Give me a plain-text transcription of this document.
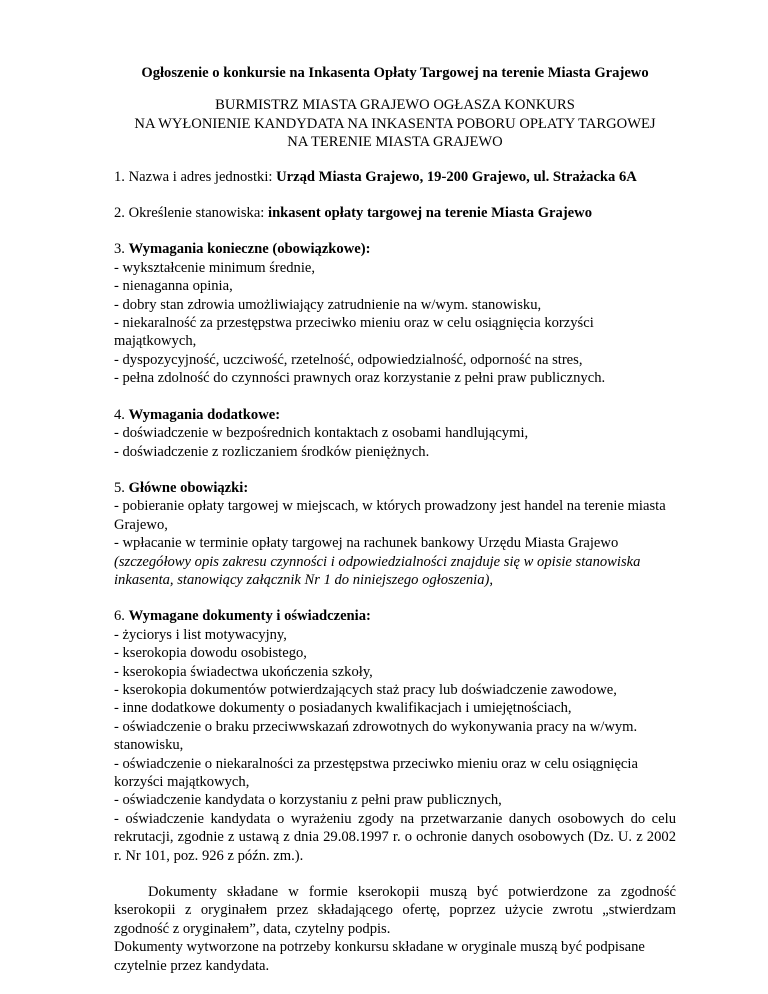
Ogłoszenie o konkursie na Inkasenta Opłaty Targowej na terenie Miasta Grajewo
BURMISTRZ MIASTA GRAJEWO OGŁASZA KONKURS
NA WYŁONIENIE KANDYDATA NA INKASENTA POBORU OPŁATY TARGOWEJ
NA TERENIE MIASTA GRAJEWO
1. Nazwa i adres jednostki: Urząd Miasta Grajewo, 19-200 Grajewo, ul. Strażacka 6A
2. Określenie stanowiska: inkasent opłaty targowej na terenie Miasta Grajewo
3. Wymagania konieczne (obowiązkowe):
- wykształcenie minimum średnie,
- nienaganna opinia,
- dobry stan zdrowia umożliwiający zatrudnienie na w/wym. stanowisku,
- niekaralność za przestępstwa przeciwko mieniu oraz w celu osiągnięcia korzyści majątkowych,
- dyspozycyjność, uczciwość, rzetelność, odpowiedzialność, odporność na stres,
- pełna zdolność do czynności prawnych oraz korzystanie z pełni praw publicznych.
4. Wymagania dodatkowe:
- doświadczenie w bezpośrednich kontaktach z osobami handlującymi,
- doświadczenie z rozliczaniem środków pieniężnych.
5. Główne obowiązki:
- pobieranie opłaty targowej w miejscach, w których prowadzony jest handel na terenie miasta Grajewo,
- wpłacanie w terminie opłaty targowej na rachunek bankowy Urzędu Miasta Grajewo (szczegółowy opis zakresu czynności i odpowiedzialności znajduje się w opisie stanowiska inkasenta, stanowiący załącznik Nr 1 do niniejszego ogłoszenia),
6. Wymagane dokumenty i oświadczenia:
- życiorys i list motywacyjny,
- kserokopia dowodu osobistego,
- kserokopia świadectwa ukończenia szkoły,
- kserokopia dokumentów potwierdzających staż pracy lub doświadczenie zawodowe,
- inne dodatkowe dokumenty o posiadanych kwalifikacjach i umiejętnościach,
- oświadczenie o braku przeciwwskazań zdrowotnych do wykonywania pracy na w/wym. stanowisku,
- oświadczenie o niekaralności za przestępstwa przeciwko mieniu oraz w celu osiągnięcia korzyści majątkowych,
- oświadczenie kandydata o korzystaniu z pełni praw publicznych,
- oświadczenie kandydata o wyrażeniu zgody na przetwarzanie danych osobowych do celu rekrutacji, zgodnie z ustawą z dnia 29.08.1997 r. o ochronie danych osobowych (Dz. U. z 2002 r. Nr 101, poz. 926 z późn. zm.).
Dokumenty składane w formie kserokopii muszą być potwierdzone za zgodność kserokopii z oryginałem przez składającego ofertę, poprzez użycie zwrotu „stwierdzam zgodność z oryginałem”, data, czytelny podpis.
Dokumenty wytworzone na potrzeby konkursu składane w oryginale muszą być podpisane czytelnie przez kandydata.
